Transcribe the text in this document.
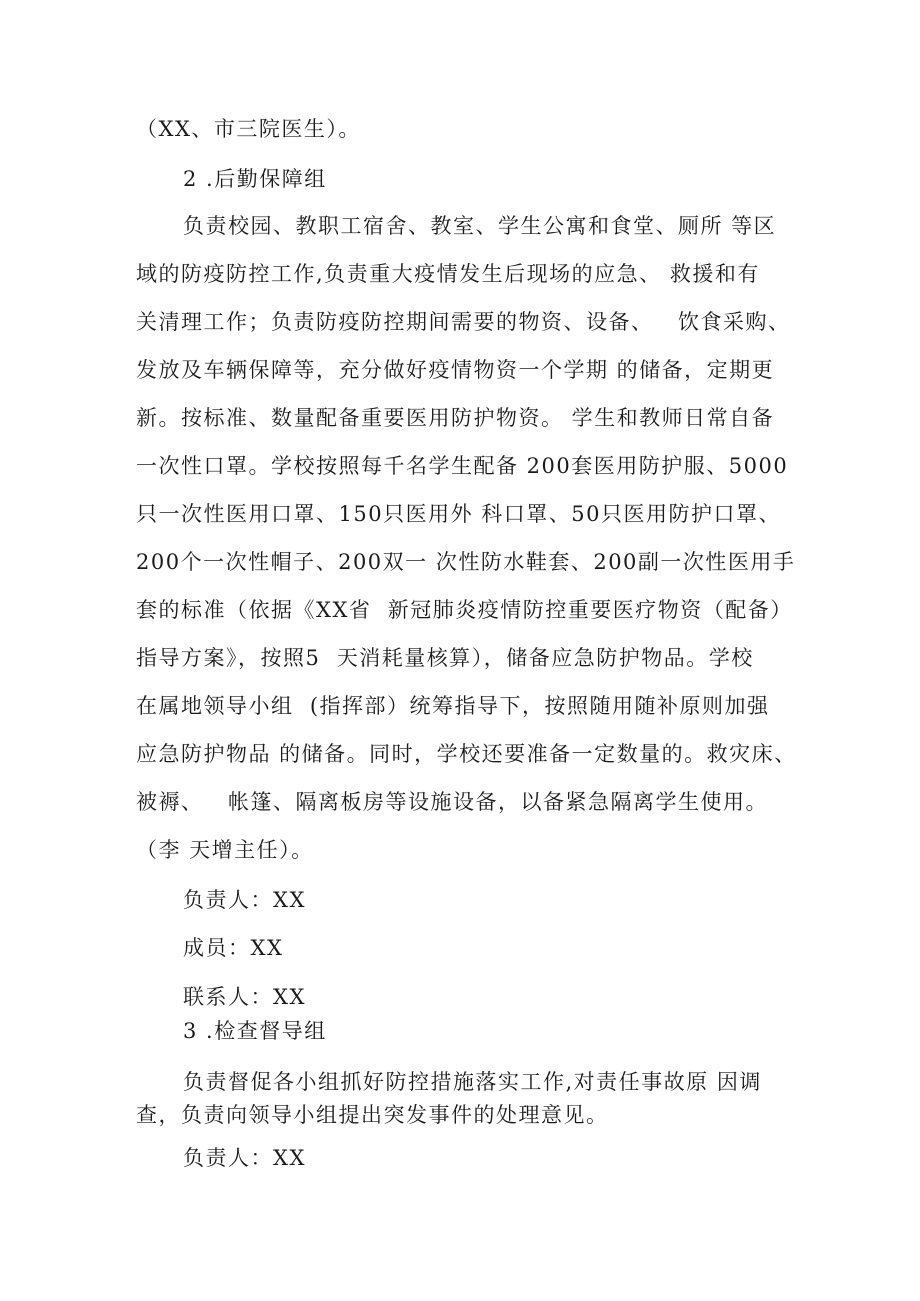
（XX、市三院医生）。
2 .后勤保障组
负责校园、教职工宿舍、教室、学生公寓和食堂、厕所 等区
域的防疫防控工作,负责重大疫情发生后现场的应急、 救援和有
关清理工作；负责防疫防控期间需要的物资、设备、   饮食采购、
发放及车辆保障等，充分做好疫情物资一个学期 的储备，定期更
新。按标准、数量配备重要医用防护物资。 学生和教师日常自备
一次性口罩。学校按照每千名学生配备 200套医用防护服、5000
只一次性医用口罩、150只医用外 科口罩、50只医用防护口罩、
200个一次性帽子、200双一 次性防水鞋套、200副一次性医用手
套的标准（依据《XX省  新冠肺炎疫情防控重要医疗物资（配备）
指导方案》，按照5  天消耗量核算），储备应急防护物品。学校
在属地领导小组  (指挥部）统筹指导下，按照随用随补原则加强
应急防护物品 的储备。同时，学校还要准备一定数量的。救灾床、
被褥、   帐篷、隔离板房等设施设备，以备紧急隔离学生使用。
（李 天增主任）。
负责人：XX
成员：XX
联系人：XX
3 .检查督导组
负责督促各小组抓好防控措施落实工作,对责任事故原 因调
查，负责向领导小组提出突发事件的处理意见。
负责人：XX
